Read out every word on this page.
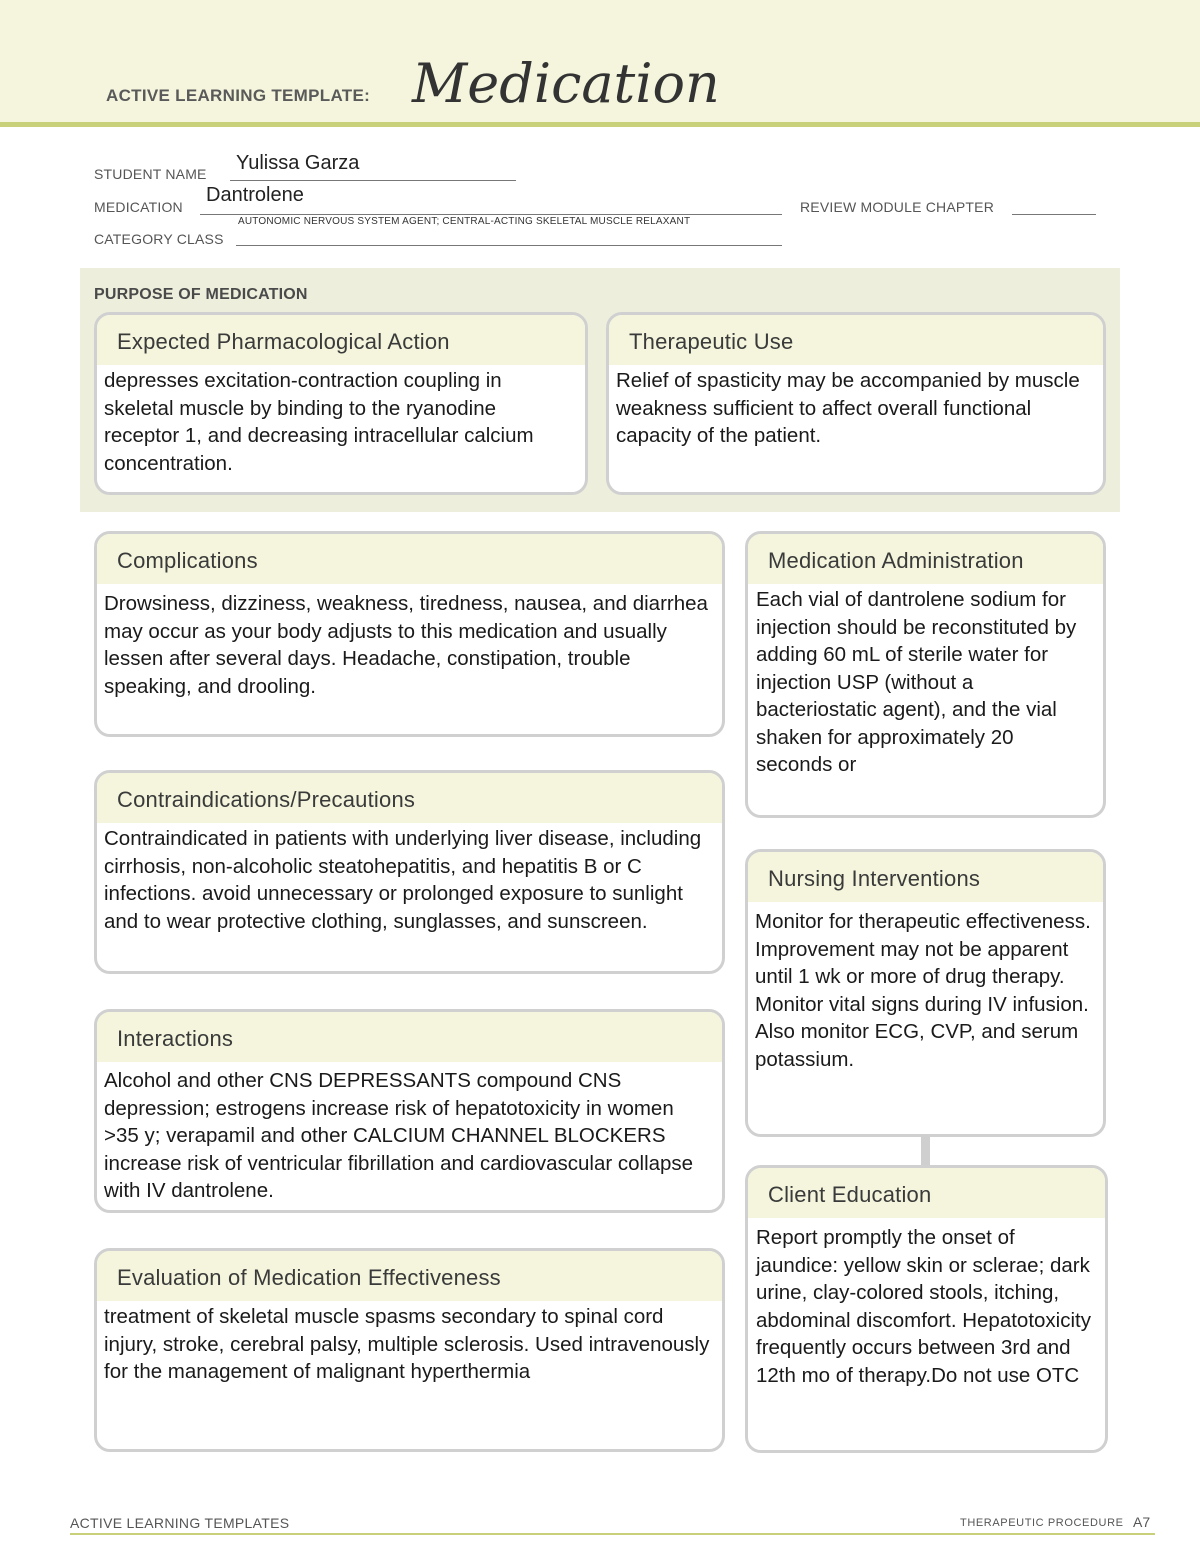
ACTIVE LEARNING TEMPLATE: Medication
STUDENT NAME Yulissa Garza
MEDICATION
Dantrolene
REVIEW MODULE CHAPTER
AUTONOMIC NERVOUS SYSTEM AGENT; CENTRAL-ACTING SKELETAL MUSCLE RELAXANT
CATEGORY CLASS
PURPOSE OF MEDICATION
Expected Pharmacological Action
depresses excitation-contraction coupling in skeletal muscle by binding to the ryanodine receptor 1, and decreasing intracellular calcium concentration.
Therapeutic Use
Relief of spasticity may be accompanied by muscle weakness sufficient to affect overall functional capacity of the patient.
Complications
Drowsiness, dizziness, weakness, tiredness, nausea, and diarrhea may occur as your body adjusts to this medication and usually lessen after several days. Headache, constipation, trouble speaking, and drooling.
Contraindications/Precautions
Contraindicated in patients with underlying liver disease, including cirrhosis, non-alcoholic steatohepatitis, and hepatitis B or C infections. avoid unnecessary or prolonged exposure to sunlight and to wear protective clothing, sunglasses, and sunscreen.
Interactions
Alcohol and other CNS DEPRESSANTS compound CNS depression; estrogens increase risk of hepatotoxicity in women >35 y; verapamil and other CALCIUM CHANNEL BLOCKERS increase risk of ventricular fibrillation and cardiovascular collapse with IV dantrolene.
Evaluation of Medication Effectiveness
treatment of skeletal muscle spasms secondary to spinal cord injury, stroke, cerebral palsy, multiple sclerosis. Used intravenously for the management of malignant hyperthermia
Medication Administration
Each vial of dantrolene sodium for injection should be reconstituted by adding 60 mL of sterile water for injection USP (without a bacteriostatic agent), and the vial shaken for approximately 20 seconds or
Nursing Interventions
Monitor for therapeutic effectiveness. Improvement may not be apparent until 1 wk or more of drug therapy. Monitor vital signs during IV infusion. Also monitor ECG, CVP, and serum potassium.
Client Education
Report promptly the onset of jaundice: yellow skin or sclerae; dark urine, clay-colored stools, itching, abdominal discomfort. Hepatotoxicity frequently occurs between 3rd and 12th mo of therapy.Do not use OTC
ACTIVE LEARNING TEMPLATES	THERAPEUTIC PROCEDURE A7
